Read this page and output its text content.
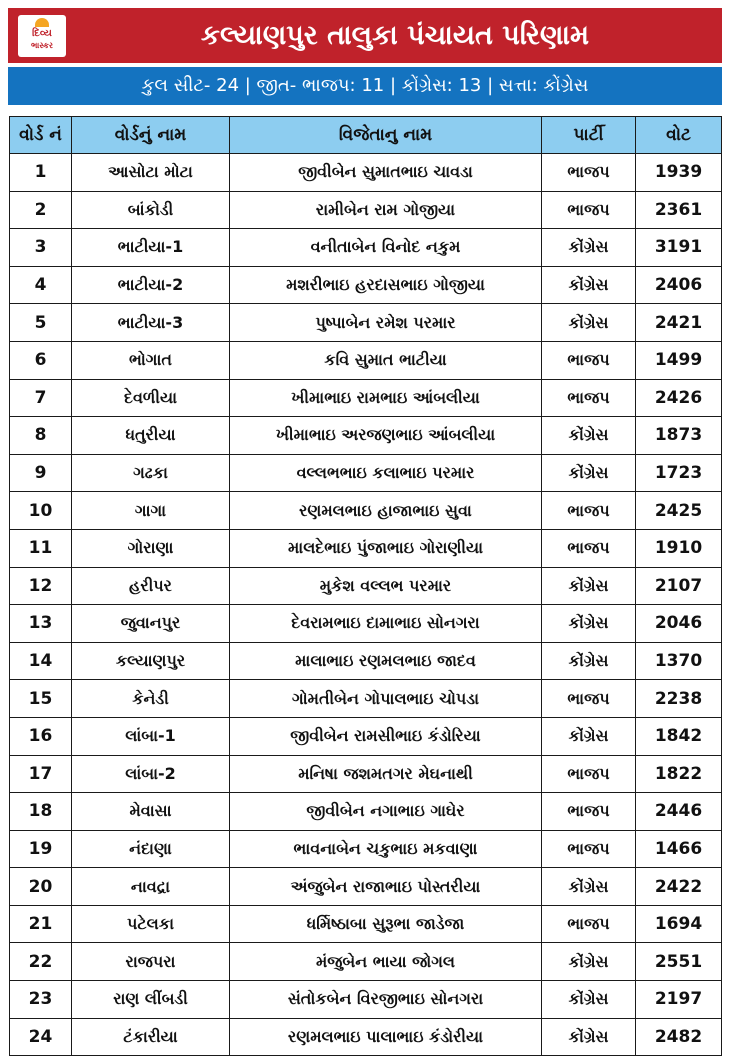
દિવ્ય
ભાસ્કર	કલ્યાણપુર તાલુકા પંચાયત પરિણામ
કુલ સીટ- 24 | જીત- ભાજપ: 11 | કોંગ્રેસ: 13 | સત્તા: કોંગ્રેસ
વોર્ડ નં	વોર્ડનું નામ	વિજેતાનુ નામ	પાર્ટી	વોટ
1	આસોટા મોટા	જીવીબેન સુમાતભાઇ ચાવડા	ભાજપ	1939
2	બાંકોડી	રામીબેન રામ ગોજીયા	ભાજપ	2361
3	ભાટીયા-1	વનીતાબેન વિનોદ નકુમ	કોંગ્રેસ	3191
4	ભાટીયા-2	મશરીભાઇ હરદાસભાઇ ગોજીયા	કોંગ્રેસ	2406
5	ભાટીયા-3	પુષ્પાબેન રમેશ પરમાર	કોંગ્રેસ	2421
6	ભોગાત	કવિ સુમાત ભાટીયા	ભાજપ	1499
7	દેવળીયા	ખીમાભાઇ રામભાઇ આંબલીયા	ભાજપ	2426
8	ધતુરીયા	ખીમાભાઇ અરજણભાઇ આંબલીયા	કોંગ્રેસ	1873
9	ગઢકા	વલ્લભભાઇ કલાભાઇ પરમાર	કોંગ્રેસ	1723
10	ગાગા	રણમલભાઇ હાજાભાઇ સુવા	ભાજપ	2425
11	ગોરાણા	માલદેભાઇ પુંજાભાઇ ગોરાણીયા	ભાજપ	1910
12	હરીપર	મુકેશ વલ્લભ પરમાર	કોંગ્રેસ	2107
13	જુવાનપુર	દેવરામભાઇ દામાભાઇ સોનગરા	કોંગ્રેસ	2046
14	કલ્યાણપુર	માલાભાઇ રણમલભાઇ જાદવ	કોંગ્રેસ	1370
15	કેનેડી	ગોમતીબેન ગોપાલભાઇ ચોપડા	ભાજપ	2238
16	લાંબા-1	જીવીબેન રામસીભાઇ કંડોરિયા	કોંગ્રેસ	1842
17	લાંબા-2	મનિષા જશમતગર મેઘનાથી	ભાજપ	1822
18	મેવાસા	જીવીબેન નગાભાઇ ગાઘેર	ભાજપ	2446
19	નંદાણા	ભાવનાબેન ચકુભાઇ મકવાણા	ભાજપ	1466
20	નાવદ્રા	અંજુબેન રાજાભાઇ પોસ્તરીયા	કોંગ્રેસ	2422
21	પટેલકા	ધર્મિષ્ઠાબા સુરૂભા જાડેજા	ભાજપ	1694
22	રાજપરા	મંજુબેન ભાયા જોગલ	કોંગ્રેસ	2551
23	રાણ લીંબડી	સંતોકબેન વિરજીભાઇ સોનગરા	કોંગ્રેસ	2197
24	ટંકારીયા	રણમલભાઇ પાલાભાઇ કંડોરીયા	કોંગ્રેસ	2482
